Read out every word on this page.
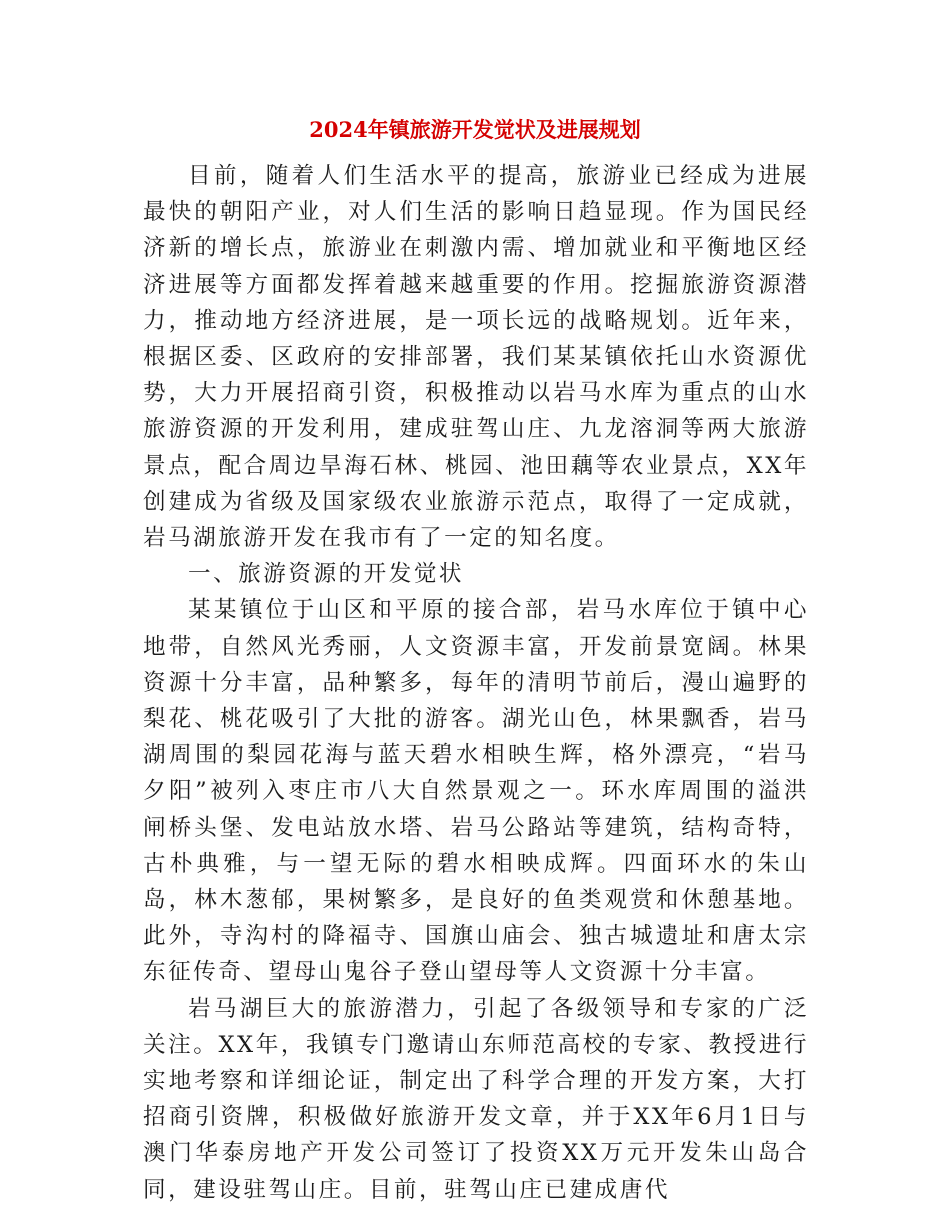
2024年镇旅游开发觉状及进展规划

目前，随着人们生活水平的提高，旅游业已经成为进展最快的朝阳产业，对人们生活的影响日趋显现。作为国民经济新的增长点，旅游业在刺激内需、增加就业和平衡地区经济进展等方面都发挥着越来越重要的作用。挖掘旅游资源潜力，推动地方经济进展，是一项长远的战略规划。近年来，根据区委、区政府的安排部署，我们某某镇依托山水资源优势，大力开展招商引资，积极推动以岩马水库为重点的山水旅游资源的开发利用，建成驻驾山庄、九龙溶洞等两大旅游景点，配合周边旱海石林、桃园、池田藕等农业景点，XX年创建成为省级及国家级农业旅游示范点，取得了一定成就，岩马湖旅游开发在我市有了一定的知名度。

一、旅游资源的开发觉状

某某镇位于山区和平原的接合部，岩马水库位于镇中心地带，自然风光秀丽，人文资源丰富，开发前景宽阔。林果资源十分丰富，品种繁多，每年的清明节前后，漫山遍野的梨花、桃花吸引了大批的游客。湖光山色，林果飘香，岩马湖周围的梨园花海与蓝天碧水相映生辉，格外漂亮，“岩马夕阳”被列入枣庄市八大自然景观之一。环水库周围的溢洪闸桥头堡、发电站放水塔、岩马公路站等建筑，结构奇特，古朴典雅，与一望无际的碧水相映成辉。四面环水的朱山岛，林木葱郁，果树繁多，是良好的鱼类观赏和休憩基地。此外，寺沟村的降福寺、国旗山庙会、独古城遗址和唐太宗东征传奇、望母山鬼谷子登山望母等人文资源十分丰富。

岩马湖巨大的旅游潜力，引起了各级领导和专家的广泛关注。XX年，我镇专门邀请山东师范高校的专家、教授进行实地考察和详细论证，制定出了科学合理的开发方案，大打招商引资牌，积极做好旅游开发文章，并于XX年6月1日与澳门华泰房地产开发公司签订了投资XX万元开发朱山岛合同，建设驻驾山庄。目前，驻驾山庄已建成唐代
